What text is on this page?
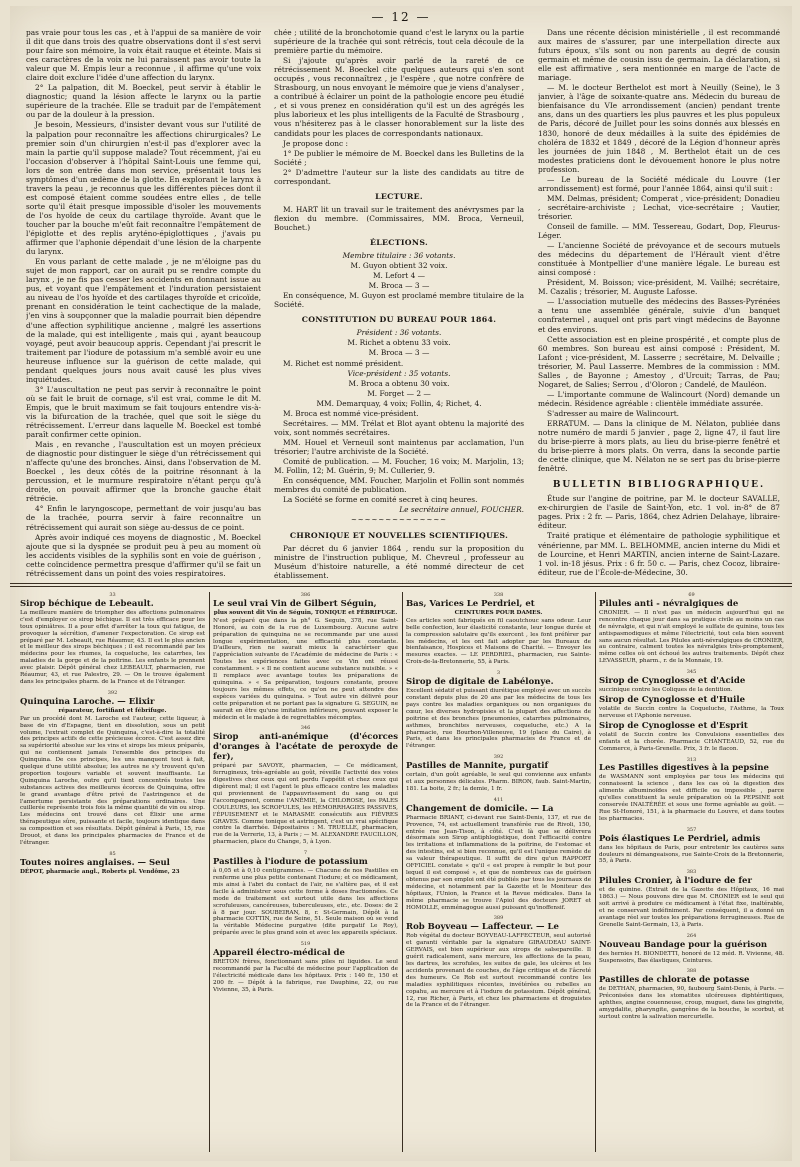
— 12 —

pas vraie pour tous les cas , et à l'appui de sa manière de voir il dit que dans trois des quatre observations dont il s'est servi pour faire son mémoire, la voix était rauque et éteinte. Mais si ces caractères de la voix ne lui paraissent pas avoir toute la valeur que M. Empis leur a reconnue , il affirme qu'une voix claire doit exclure l'idée d'une affection du larynx.

2° La palpation, dit M. Boeckel, peut servir à établir le diagnostic; quand la lésion affecte le larynx ou la partie supérieure de la trachée. Elle se traduit par de l'empâtement ou par de la douleur à la pression.

Je besoin, Messieurs, d'insister devant vous sur l'utilité de la palpation pour reconnaître les affections chirurgicales? Le premier soin d'un chirurgien n'est-il pas d'explorer avec la main la partie qu'il suppose malade? Tout récemment, j'ai eu l'occasion d'observer à l'hôpital Saint-Louis une femme qui, lors de son entrée dans mon service, présentait tous les symptômes d'un œdème de la glotte. En explorant le larynx à travers la peau , je reconnus que les différentes pièces dont il est composé étaient comme soudées entre elles , de telle sorte qu'il était presque impossible d'isoler les mouvements de l'os hyoïde de ceux du cartilage thyroïde. Avant que le toucher par la bouche m'eût fait reconnaître l'empâtement de l'épiglotte et des replis aryténo-épiglottiques , j'avais pu affirmer que l'aphonie dépendait d'une lésion de la charpente du larynx.

En vous parlant de cette malade , je ne m'éloigne pas du sujet de mon rapport, car on aurait pu se rendre compte du larynx , je ne fis pas cesser les accidents en donnant issue au pus, et voyant que l'empâtement et l'induration persistaient au niveau de l'os hyoïde et des cartilages thyroïde et cricoïde, prenant en considération le teint cachectique de la malade, j'en vins à soupçonner que la maladie pourrait bien dépendre d'une affection syphilitique ancienne , malgré les assertions de la malade, qui est intelligente , mais qui , ayant beaucoup voyagé, peut avoir beaucoup appris. Cependant j'ai prescrit le traitement par l'iodure de potassium m'a semblé avoir eu une heureuse influence sur la guérison de cette malade, qui pendant quelques jours nous avait causé les plus vives inquiétudes.

3° L'auscultation ne peut pas servir à reconnaître le point où se fait le bruit de cornage, s'il est vrai, comme le dit M. Empis, que le bruit maximum se fait toujours entendre vis-à-vis la bifurcation de la trachée, quel que soit le siège du rétrécissement. L'erreur dans laquelle M. Boeckel est tombé paraît confirmer cette opinion.

Mais , en revanche , l'auscultation est un moyen précieux de diagnostic pour distinguer le siège d'un rétrécissement qui n'affecte qu'une des bronches. Ainsi, dans l'observation de M. Boeckel , les deux côtés de la poitrine résonnant à la percussion, et le murmure respiratoire n'étant perçu qu'à droite, on pouvait affirmer que la bronche gauche était rétrécie.

4° Enfin le laryngoscope, permettant de voir jusqu'au bas de la trachée, pourra servir à faire reconnaître un rétrécissement qui aurait son siège au-dessus de ce point.

Après avoir indiqué ces moyens de diagnostic , M. Boeckel ajoute que si la dyspnée se produit peu à peu au moment où les accidents visibles de la syphilis sont en voie de guérison , cette coïncidence permettra presque d'affirmer qu'il se fait un rétrécissement dans un point des voies respiratoires.

chée ; utilité de la bronchotomie quand c'est le larynx ou la partie supérieure de la trachée qui sont rétrécis, tout cela découle de la première partie du mémoire.

Si j'ajoute qu'après avoir parlé de la rareté de ce rétrécissement M. Boeckel cite quelques auteurs qui s'en sont occupés , vous reconnaîtrez , je l'espère , que notre confrère de Strasbourg, un nous envoyant le mémoire que je viens d'analyser , a contribué à éclairer un point de la pathologie encore peu étudié , et si vous prenez en considération qu'il est un des agrégés les plus laborieux et les plus intelligents de la Faculté de Strasbourg , vous n'hésiterez pas à le classer honorablement sur la liste des candidats pour les places de correspondants nationaux.

Je propose donc :

1° De publier le mémoire de M. Boeckel dans les Bulletins de la Société ;

2° D'admettre l'auteur sur la liste des candidats au titre de correspondant.

LECTURE.

M. HART lit un travail sur le traitement des anévrysmes par la flexion du membre. (Commissaires, MM. Broca, Verneuil, Bouchet.)

ÉLECTIONS.

Membre titulaire : 36 votants.

M. Guyon obtient 32 voix.

M. Lefort 4 —

M. Broca — 3 —

En conséquence, M. Guyon est proclamé membre titulaire de la Société.

CONSTITUTION DU BUREAU POUR 1864.

Président : 36 votants.

M. Richet a obtenu 33 voix.

M. Broca — 3 —

M. Richet est nommé président.

Vice-président : 35 votants.

M. Broca a obtenu 30 voix.

M. Forget — 2 —

MM. Demarquay, 4 voix; Follin, 4; Richet, 4.

M. Broca est nommé vice-président.

Secrétaires. — MM. Trélat et Blot ayant obtenu la majorité des voix, sont nommés secrétaires.

MM. Houel et Verneuil sont maintenus par acclamation, l'un trésorier; l'autre archiviste de la Société.

Comité de publication. — M. Foucher, 16 voix; M. Marjolin, 13; M. Follin, 12; M. Guérin, 9; M. Cullerier, 9.

En conséquence, MM. Foucher, Marjolin et Follin sont nommés membres du comité de publication.

La Société se forme en comité secret à cinq heures.

Le secrétaire annuel, FOUCHER.

~~~~~~~~~~~~~~
CHRONIQUE ET NOUVELLES SCIENTIFIQUES.

Par décret du 6 janvier 1864 , rendu sur la proposition du ministre de l'instruction publique, M. Chevreul , professeur au Muséum d'histoire naturelle, a été nommé directeur de cet établissement.

Dans une récente décision ministérielle , il est recommandé aux maires de s'assurer, par une interpellation directe aux futurs époux, s'ils sont ou non parents au degré de cousin germain et même de cousin issu de germain. La déclaration, si elle est affirmative , sera mentionnée en marge de l'acte de mariage.

— M. le docteur Berthelot est mort à Neuilly (Seine), le 3 janvier, à l'âge de soixante-quatre ans. Médecin du bureau de bienfaisance du VIe arrondissement (ancien) pendant trente ans, dans un des quartiers les plus pauvres et les plus populeux de Paris, décoré de Juillet pour les soins donnés aux blessés en 1830, honoré de deux médailles à la suite des épidémies de choléra de 1832 et 1849 , décoré de la Légion d'honneur après les journées de juin 1848 , M. Berthelot était un de ces modestes praticiens dont le dévouement honore le plus notre profession.

— Le bureau de la Société médicale du Louvre (1er arrondissement) est formé, pour l'année 1864, ainsi qu'il suit :

MM. Delmas, président; Comperat , vice-président; Donadieu , secrétaire-archiviste ; Lechat, vice-secrétaire ; Vautier, trésorier.

Conseil de famille. — MM. Tessereau, Godart, Dop, Fleurus-Léger.

— L'ancienne Société de prévoyance et de secours mutuels des médecins du département de l'Hérault vient d'être constituée à Montpellier d'une manière légale. Le bureau est ainsi composé :

Président, M. Boisson; vice-président, M. Vailhé; secrétaire, M. Cazalis ; trésorier, M. Auguste Lafosse.

— L'association mutuelle des médecins des Basses-Pyrénées a tenu une assemblée générale, suivie d'un banquet confraternel , auquel ont pris part vingt médecins de Bayonne et des environs.

Cette association est en pleine prospérité , et compte plus de 60 membres. Son bureau est ainsi composé : Président, M. Lafont ; vice-président, M. Lasserre ; secrétaire, M. Delvaille ; trésorier, M. Paul Lasserre. Membres de la commission : MM. Salles , de Bayonne ; Amestoy , d'Urcuit; Tarras, de Pau; Nogaret, de Salies; Serrou , d'Oloron ; Candelé, de Mauléon.

— L'importante commune de Walincourt (Nord) demande un médecin. Résidence agréable : clientèle immédiate assurée.

S'adresser au maire de Walincourt.

ERRATUM. — Dans la clinique de M. Nélaton, publiée dans notre numéro de mardi 5 janvier , page 2, ligne 47, il faut lire du brise-pierre à mors plats, au lieu du brise-pierre fenêtré et du brise-pierre à mors plats. On verra, dans la seconde partie de cette clinique, que M. Nélaton ne se sert pas du brise-pierre fenêtré.

BULLETIN BIBLIOGRAPHIQUE.

Étude sur l'angine de poitrine, par M. le docteur SAVALLE, ex-chirurgien de l'asile de Saint-Yon, etc. 1 vol. in-8° de 87 pages. Prix : 2 fr. — Paris, 1864, chez Adrien Delahaye, libraire-éditeur.

Traité pratique et élémentaire de pathologie syphilitique et vénérienne, par MM. L. BELHOMME, ancien interne du Midi et de Lourcine, et Henri MARTIN, ancien interne de Saint-Lazare. 1 vol. in-18 jésus. Prix : 6 fr. 50 c. — Paris, chez Cocoz, libraire-éditeur, rue de l'École-de-Médecine, 30.

33

Sirop béchique de Lebeault.

La meilleure manière de triompher des affections pulmonaires c'est d'employer ce sirop béchique. Il est très efficace pour les toux opiniâtres. Il a pour effet d'arrêter la toux qui fatigue, de provoquer la sécrétion, d'amener l'expectoration. Ce sirop est préparé par M. Lebeault, rue Réaumur, 43. Il est le plus ancien et le meilleur des sirops béchiques ; il est recommandé par les médecins pour les rhumes, la coqueluche, les catarrhes, les maladies de la gorge et de la poitrine. Les enfants le prennent avec plaisir. Dépôt général chez LEBEAULT, pharmacien, rue Réaumur, 43, et rue Palestro, 29. — On le trouve également dans les principales pharm. de la France et de l'étranger.

392

Quinquina Laroche. — Elixir

réparateur, fortifiant et fébrifuge.

Par un procédé dont M. Laroche est l'auteur, cette liqueur, à base de vin d'Espagne, tient en dissolution, sous un petit volume, l'extrait complet de Quinquina, c'est-à-dire la totalité des principes actifs de cette précieuse écorce. C'est assez dire sa supériorité absolue sur les vins et sirops les mieux préparés, qui ne contiennent jamais l'ensemble des principes du Quinquina. De ces principes, les uns manquent tout à fait, quelque d'une utilité absolue; les autres ne s'y trouvent qu'en proportion toujours variable et souvent insuffisante. Le Quinquina Laroche, outre qu'il tient concentrés toutes les substances actives des meilleures écorces de Quinquina, offre le grand avantage d'être privé de l'astringence et de l'amertume persistante des préparations ordinaires. Une cuillerée représente trois fois la même quantité de vin ou sirop. Les médecins ont trouvé dans cet Élixir une arme thérapeutique sûre, puissante et facile, toujours identique dans sa composition et ses résultats. Dépôt général à Paris, 15, rue Drouot, et dans les principales pharmacies de France et de l'étranger.

85

Toutes noires anglaises. — Seul

DÉPOT, pharmacie angl., Roberts pl. Vendôme, 23

386

Le seul vrai Vin de Gilbert Séguin,

plus souvent dit Vin de Séguin, TONIQUE et FÉBRIFUGE.

N'est préparé que dans la ph° G. Seguin, 378, rue Saint-Honoré, au coin de la rue de Luxembourg. Aucune autre préparation de quinquina ne se recommande par une aussi longue expérimentation, une efficacité plus constante. D'ailleurs, rien ne saurait mieux la caractériser que l'appréciation suivante de l'Académie de médecine de Paris : « Toutes les expériences faites avec ce Vin ont réussi constamment. » « Il ne contient aucune substance nuisible. » « Il remplace avec avantage toutes les préparations de quinquina. » « Sa préparation, toujours constante, prouve toujours les mêmes effets, ce qu'on ne peut attendre des espèces variées du quinquina. » Tout autre vin délivré pour cette préparation et ne portant pas la signature G. SEGUIN, ne saurait en être qu'une imitation inférieure, pouvant exposer le médecin et le malade à de regrettables mécomptes.

346

Sirop anti-anémique (d'écorces d'oranges à l'acétate de peroxyde de fer),

préparé par SAVOYE, pharmacien, — Ce médicament, ferrugineux, très-agréable au goût, réveille l'activité des voies digestives chez ceux qui ont perdu l'appétit et chez ceux qui digèrent mal; il est l'agent le plus efficace contre les maladies qui proviennent de l'appauvrissement du sang ou qui l'accompagnent, comme l'ANÉMIE, la CHLOROSE, les PALES COULEURS, les SCROFULES, les HÉMORRHAGIES PASSIVES, l'ÉPUISEMENT et le MARASME consécutifs aux FIÈVRES GRAVES. Comme tonique et astringent, c'est un vrai spécifique contre la diarrhée. Dépositaires : M. TRUELLE, pharmacien, rue de la Verrerie, 13, à Paris ; — M. ALEXANDRE FAUCILLON, pharmacien, place du Change, 5, à Lyon.

7

Pastilles à l'iodure de potassium

à 0,05 et à 0,10 centigrammes. — Chacune de nos Pastilles en renferme une plus petite contenant l'iodure; et ce médicament, mis ainsi à l'abri du contact de l'air, ne s'altère pas, et il est facile à administrer sous cette forme à doses fractionnées. Ce mode de traitement est surtout utile dans les affections scrofuleuses, cancéreuses, tuberculeuses, etc., etc. Doses: de 2 à 8 par jour. SOUBEIRAN, 8, r. St-Germain, Dépôt à la pharmacie COTTIN, rue de Seine, 51. Seule maison où se vend la véritable Médecine purgative (dite purgatif Le Roy), préparée avec le plus grand soin et avec les appareils spéciaux.

519

Appareil électro-médical de

BRETON frères, fonctionnant sans piles ni liquides. Le seul recommandé par la Faculté de médecine pour l'application de l'électricité médicale dans les hôpitaux. Prix : 140 fr., 150 et 200 fr. — Dépôt à la fabrique, rue Dauphine, 22, ou rue Vivienne, 35, à Paris.

338

Bas, Varices Le Perdriel, et

CEINTURES POUR DAMES.

Ces articles sont fabriqués en fil caoutchouc sans odeur. Leur belle confection, leur élasticité constante, leur longue durée et la compression salutaire qu'ils exercent , les font préférer par les médecins, et les ont fait adopter par les Bureaux de bienfaisance, Hospices et Maisons de Charité. — Envoyer les mesures exactes. — LE PERDRIEL, pharmacien, rue Sainte-Croix-de-la-Bretonnerie, 55, à Paris.

3

Sirop de digitale de Labélonye.

Excellent sédatif et puissant diurétique employé avec un succès constant depuis plus de 20 ans par les médecins de tous les pays contre les maladies organiques ou non organiques du cœur, les diverses hydropisies et la plupart des affections de poitrine et des bronches (pneumonies, catarrhes pulmonaires, asthmes, bronchites nerveuses, coqueluche, etc.) A la pharmacie, rue Bourbon-Villeneuve, 19 (place du Caire), à Paris, et dans les principales pharmacies de France et de l'étranger.

392

Pastilles de Mannite, purgatif

certain, d'un goût agréable, le seul qui convienne aux enfants et aux personnes délicates. Pharm. BIRON, faub. Saint-Martin, 181. La boite, 2 fr.; la demie, 1 fr.

411

Changement de domicile. — La

Pharmacie BRIANT, ci-devant rue Saint-Denis, 137, et rue de Provence, 74, est actuellement transférée rue de Rivoli, 150, entrée rue Jean-Tison, à côté. C'est là que se délivrera désormais son Sirop antiphlogistique, dont l'efficacité contre les irritations et inflammations de la poitrine, de l'estomac et des intestins, est si bien reconnue, qu'il est l'unique remède de sa valeur thérapeutique. Il suffit de dire qu'un RAPPORT OFFICIEL constate « qu'il « est propre à remplir le but pour lequel il est composé », et que de nombreux cas de guérison obtenus par son emploi ont été publiés par tous les journaux de médecine, et notamment par la Gazette et le Moniteur des hôpitaux, l'Union, la France et la Revue médicales. Dans la même pharmacie se trouve l'Apiol des docteurs JORET et HOMOLLE, emménagogue aussi puissant qu'inoffensif.

389

Rob Boyveau — Laffecteur. — Le

Rob végétal du docteur BOYVEAU-LAFFECTEUR, seul autorisé et garanti véritable par la signature GIRAUDEAU SAINT-GERVAIS, est bien supérieur aux sirops de salsepareille. Il guérit radicalement, sans mercure, les affections de la peau, les dartres, les scrofules, les suites de gale, les ulcères et les accidents provenant de couches, de l'âge critique et de l'âcreté des humeurs. Ce Rob est surtout recommandé contre les maladies syphilitiques récentes, invétérées ou rebelles au copahu, au mercure et à l'iodure de potassium. Dépôt général, 12, rue Richer, à Paris, et chez les pharmaciens et droguistes de la France et de l'étranger.

69

Pilules anti - névralgiques de

CRONIER. — Il n'est pas un médecin aujourd'hui qui ne rencontre chaque jour dans sa pratique civile au moins un cas de névralgie, et qui n'ait employé le sulfate de quinine, tous les antispasmodiques et même l'électricité, tout cela bien souvent sans aucun résultat. Les Pilules anti-névralgiques de CRONIER, au contraire, calment toutes les névralgies très-promptement, même celles où ont échoué les autres traitements. Dépôt chez LEVASSEUR, pharm., r. de la Monnaie, 19.

345

Sirop de Cynoglosse et d'Acide

succinique contre les Coliques de la dentition.

Sirop de Cynoglosse et d'Huile

volatile de Succin contre la Coqueluche, l'Asthme, la Toux nerveuse et l'Aphonie nerveuse.

Sirop de Cynoglosse et d'Esprit

volatil de Succin contre les Convulsions essentielles des enfants et la chorée. Pharmacie CHANTEAUD, 52, rue du Commerce, à Paris-Grenelle. Prix, 3 fr. le flacon.

313

Les Pastilles digestives à la pepsine

de WASMANN sont employées par tous les médecins qui connaissent la science , dans les cas où la digestion des aliments albuminoïdes est difficile ou impossible , parce qu'elles constituent la seule préparation où la PEPSINE soit conservée INALTÉRÉE et sous une forme agréable au goût. — Rue St-Honoré, 151, à la pharmacie du Louvre, et dans toutes les pharmacies.

357

Pois élastiques Le Perdriel, admis

dans les hôpitaux de Paris, pour entretenir les cautères sans douleurs ni démangeaisons, rue Sainte-Croix de la Bretonnerie, 55, à Paris.

383

Pilules Cronier, à l'iodure de fer

et de quinine. (Extrait de la Gazette des Hôpitaux, 16 mai 1863.) — Nous pouvons dire que M. CRONIER est le seul qui soit arrivé à produire ce médicament à l'état fixe, inaltérable, et ne conservant indéfiniment. Par conséquent, il a donné un avantage réel sur toutes les préparations ferrugineuses. Rue de Grenelle Saint-Germain, 13, à Paris.

264

Nouveau Bandage pour la guérison

des hernies H. BIONDETTI, honoré de 12 méd. R. Vivienne, 48. Suspensoirs, Bas élastiques, Ceintures.

388

Pastilles de chlorate de potasse

de DETHAN, pharmacien, 90, faubourg Saint-Denis, à Paris. — Préconisées dans les stomatites ulcéreuses diphtéritiques, aphthes, angine couenneuse, croup, muguet, dans les gingivite, amygdalite, pharyngite, gangrène de la bouche, le scorbut, et surtout contre la salivation mercurielle.
